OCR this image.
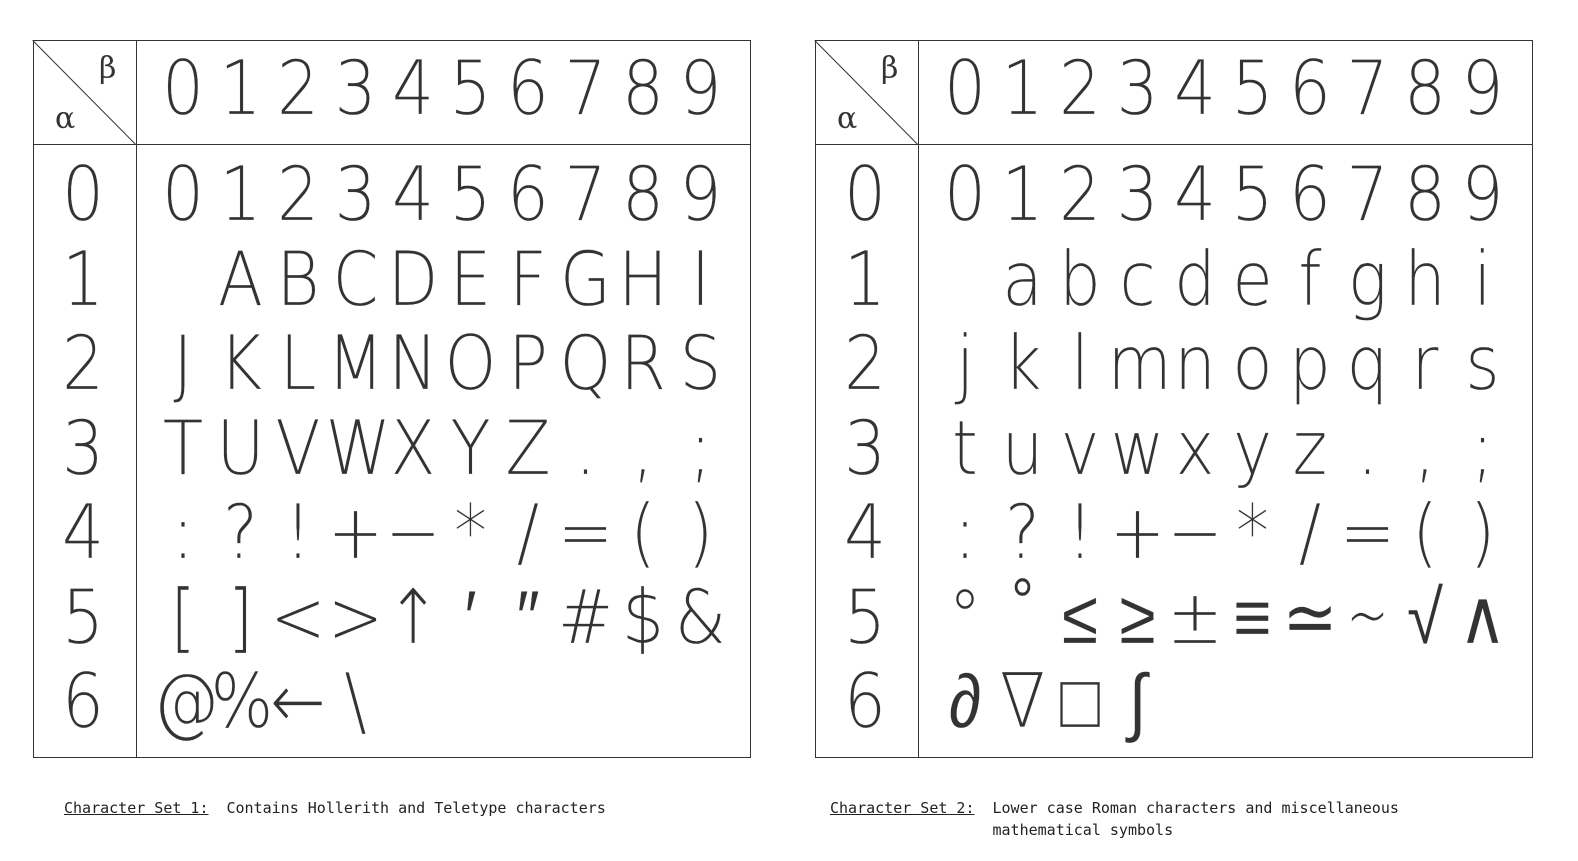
β
α 0 1 2 3 4 5 6 7 8 9
0
1
2
3
4
5
6
0 1 2 3 4 5 6 7 8 9
A B C D E F G H I
J K L M N O P Q R S
T U V W X Y Z . , ;
: ? ! + − * / = ( )
[ ] < > ↑ ′ ″ # $ &
@
%
← \
β
α 0 1 2 3 4 5 6 7 8 9
0
1
2
3
4
5
6
0 1 2 3 4 5 6 7 8 9
a b c d e f g h i
j k l m n o p q r s
t u v w x y z . , ;
: ? ! + − * / = ( )
° ˚ ≤ ≥ ± ≡ ≃ ∼ √ ∧
∂ ∇ □ ∫
Character Set 1: Contains Hollerith and Teletype characters	Character Set 2: Lower case Roman characters and miscellaneous mathematical symbols
